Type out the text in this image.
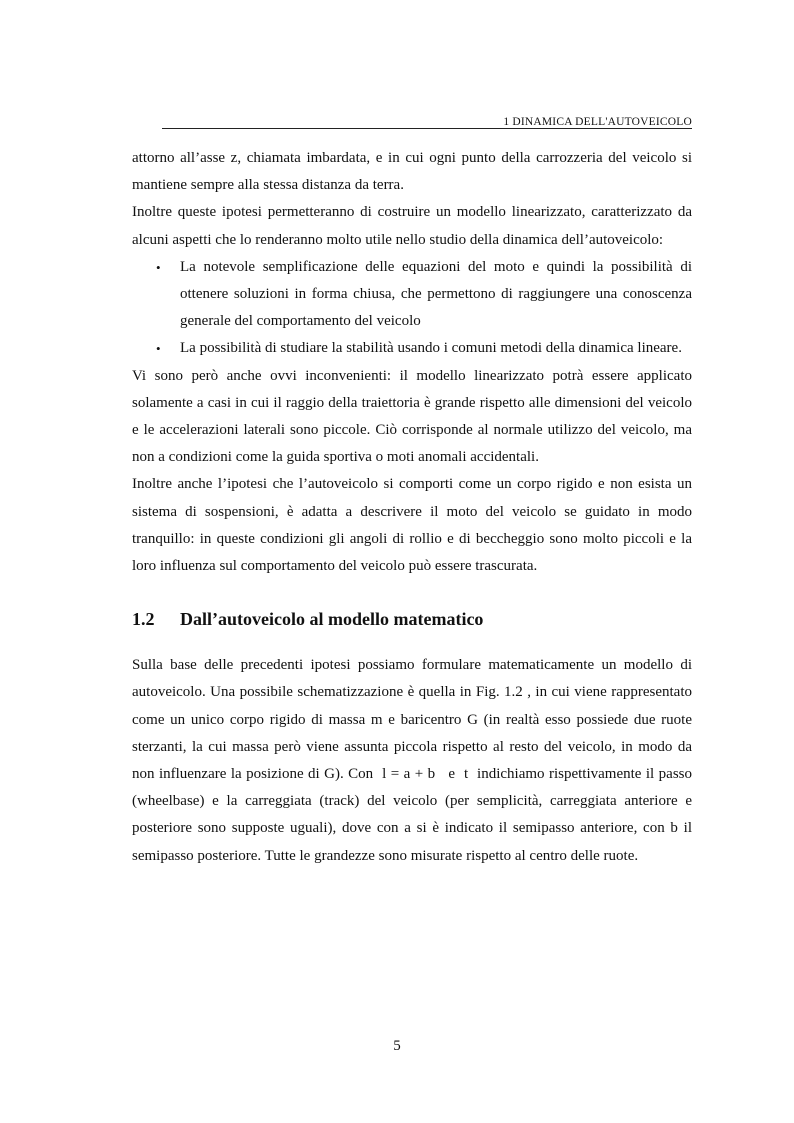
1 DINAMICA DELL'AUTOVEICOLO

attorno all’asse z, chiamata imbardata, e in cui ogni punto della carrozzeria del veicolo si mantiene sempre alla stessa distanza da terra.

Inoltre queste ipotesi permetteranno di costruire un modello linearizzato, caratterizzato da alcuni aspetti che lo renderanno molto utile nello studio della dinamica dell’autoveicolo:

• La notevole semplificazione delle equazioni del moto e quindi la possibilità di ottenere soluzioni in forma chiusa, che permettono di raggiungere una conoscenza generale del comportamento del veicolo
• La possibilità di studiare la stabilità usando i comuni metodi della dinamica lineare.

Vi sono però anche ovvi inconvenienti: il modello linearizzato potrà essere applicato solamente a casi in cui il raggio della traiettoria è grande rispetto alle dimensioni del veicolo e le accelerazioni laterali sono piccole. Ciò corrisponde al normale utilizzo del veicolo, ma non a condizioni come la guida sportiva o moti anomali accidentali.

Inoltre anche l’ipotesi che l’autoveicolo si comporti come un corpo rigido e non esista un sistema di sospensioni, è adatta a descrivere il moto del veicolo se guidato in modo tranquillo: in queste condizioni gli angoli di rollio e di beccheggio sono molto piccoli e la loro influenza sul comportamento del veicolo può essere trascurata.

1.2 Dall’autoveicolo al modello matematico

Sulla base delle precedenti ipotesi possiamo formulare matematicamente un modello di autoveicolo. Una possibile schematizzazione è quella in Fig. 1.2 , in cui viene rappresentato come un unico corpo rigido di massa m e baricentro G (in realtà esso possiede due ruote sterzanti, la cui massa però viene assunta piccola rispetto al resto del veicolo, in modo da non influenzare la posizione di G). Con  l = a + b   e  t  indichiamo rispettivamente il passo (wheelbase) e la carreggiata (track) del veicolo (per semplicità, carreggiata anteriore e posteriore sono supposte uguali), dove con a si è indicato il semipasso anteriore, con b il semipasso posteriore. Tutte le grandezze sono misurate rispetto al centro delle ruote.

5
